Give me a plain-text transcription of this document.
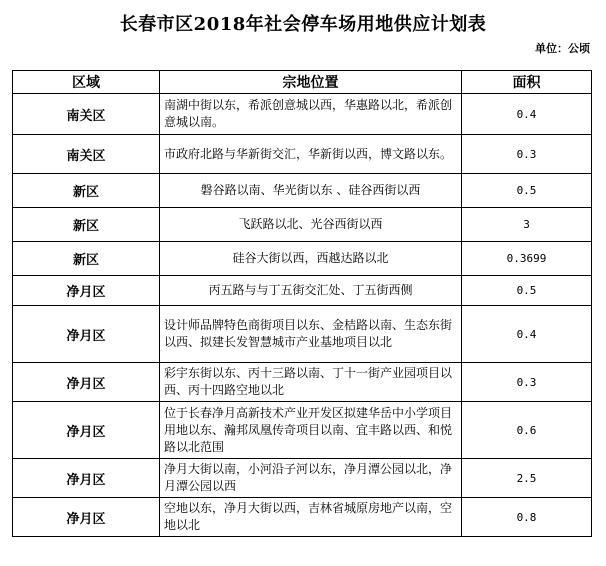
长春市区2018年社会停车场用地供应计划表
单位：公顷
区域	宗地位置	面积
南关区	南湖中街以东，希派创意城以西，华惠路以北，希派创意城以南。	0.4
南关区	市政府北路与华新街交汇，华新街以西，博文路以东。	0.3
新区	磐谷路以南、华光街以东 、硅谷西街以西	0.5
新区	飞跃路以北、光谷西街以西	3
新区	硅谷大街以西，西越达路以北	0.3699
净月区	丙五路与与丁五街交汇处、丁五街西侧	0.5
净月区	设计师品牌特色商街项目以东、金桔路以南、生态东街以西、拟建长发智慧城市产业基地项目以北	0.4
净月区	彩宇东街以东、丙十三路以南、丁十一街产业园项目以西、丙十四路空地以北	0.3
净月区	位于长春净月高新技术产业开发区拟建华岳中小学项目用地以东、瀚邦凤凰传奇项目以南、宜丰路以西、和悦路以北范围	0.6
净月区	净月大街以南，小河沿子河以东，净月潭公园以北，净月潭公园以西	2.5
净月区	空地以东，净月大街以西，吉林省城原房地产以南，空地以北	0.8
